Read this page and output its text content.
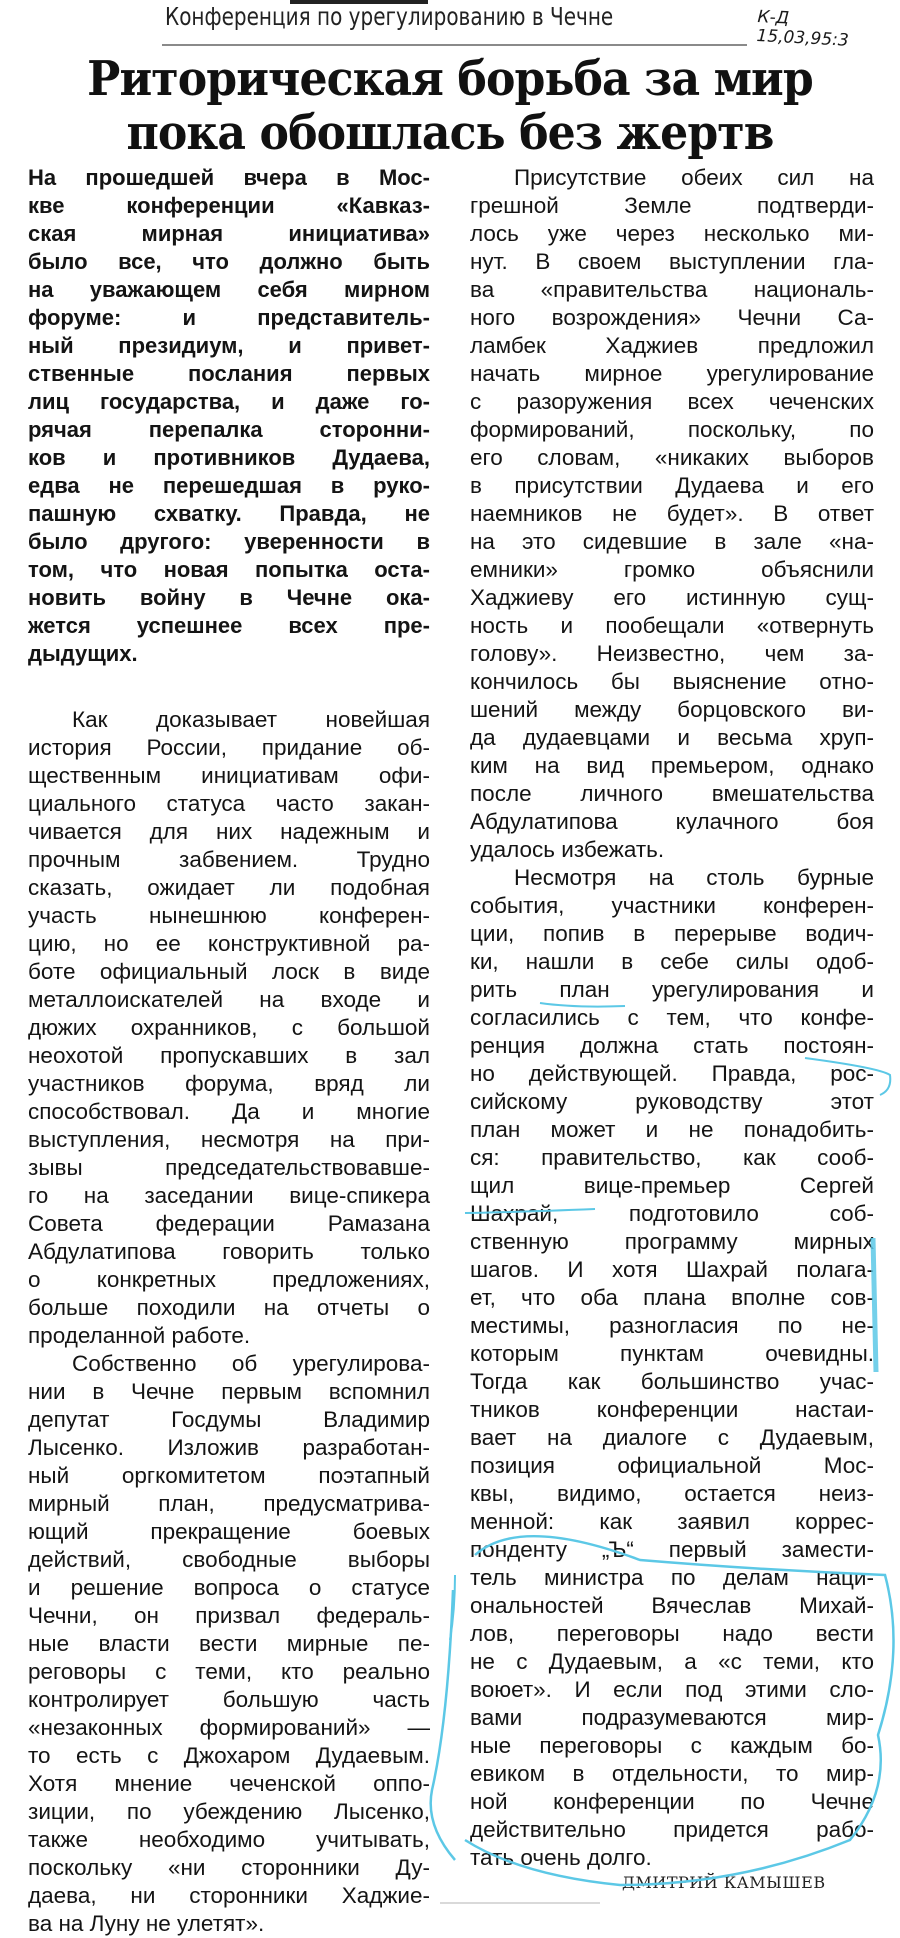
Конференция по урегулированию в Чечне	К-Д
15,03,95:3
Риторическая борьба за мир
пока обошлась без жертв
На прошедшей вчера в Мос-
кве конференции «Кавказ-
ская мирная инициатива»
было все, что должно быть
на уважающем себя мирном
форуме: и представитель-
ный президиум, и привет-
ственные послания первых
лиц государства, и даже го-
рячая перепалка сторонни-
ков и противников Дудаева,
едва не перешедшая в руко-
пашную схватку. Правда, не
было другого: уверенности в
том, что новая попытка оста-
новить войну в Чечне ока-
жется успешнее всех пре-
дыдущих.
Как доказывает новейшая
история России, придание об-
щественным инициативам офи-
циального статуса часто закан-
чивается для них надежным и
прочным забвением. Трудно
сказать, ожидает ли подобная
участь нынешнюю конферен-
цию, но ее конструктивной ра-
боте официальный лоск в виде
металлоискателей на входе и
дюжих охранников, с большой
неохотой пропускавших в зал
участников форума, вряд ли
способствовал. Да и многие
выступления, несмотря на при-
зывы председательствовавше-
го на заседании вице-спикера
Совета федерации Рамазана
Абдулатипова говорить только
о конкретных предложениях,
больше походили на отчеты о
проделанной работе.
Собственно об урегулирова-
нии в Чечне первым вспомнил
депутат Госдумы Владимир
Лысенко. Изложив разработан-
ный оргкомитетом поэтапный
мирный план, предусматрива-
ющий прекращение боевых
действий, свободные выборы
и решение вопроса о статусе
Чечни, он призвал федераль-
ные власти вести мирные пе-
реговоры с теми, кто реально
контролирует большую часть
«незаконных формирований» —
то есть с Джохаром Дудаевым.
Хотя мнение чеченской оппо-
зиции, по убеждению Лысенко,
также необходимо учитывать,
поскольку «ни сторонники Ду-
даева, ни сторонники Хаджие-
ва на Луну не улетят».
Присутствие обеих сил на
грешной Земле подтверди-
лось уже через несколько ми-
нут. В своем выступлении гла-
ва «правительства националь-
ного возрождения» Чечни Са-
ламбек Хаджиев предложил
начать мирное урегулирование
с разоружения всех чеченских
формирований, поскольку, по
его словам, «никаких выборов
в присутствии Дудаева и его
наемников не будет». В ответ
на это сидевшие в зале «на-
емники» громко объяснили
Хаджиеву его истинную сущ-
ность и пообещали «отвернуть
голову». Неизвестно, чем за-
кончилось бы выяснение отно-
шений между борцовского ви-
да дудаевцами и весьма хруп-
ким на вид премьером, однако
после личного вмешательства
Абдулатипова кулачного боя
удалось избежать.
Несмотря на столь бурные
события, участники конферен-
ции, попив в перерыве водич-
ки, нашли в себе силы одоб-
рить план урегулирования и
согласились с тем, что конфе-
ренция должна стать постоян-
но действующей. Правда, рос-
сийскому руководству этот
план может и не понадобить-
ся: правительство, как сооб-
щил вице-премьер Сергей
Шахрай, подготовило соб-
ственную программу мирных
шагов. И хотя Шахрай полага-
ет, что оба плана вполне сов-
местимы, разногласия по не-
которым пунктам очевидны.
Тогда как большинство учас-
тников конференции настаи-
вает на диалоге с Дудаевым,
позиция официальной Мос-
квы, видимо, остается неиз-
менной: как заявил коррес-
понденту „Ъ“ первый замести-
тель министра по делам наци-
ональностей Вячеслав Михай-
лов, переговоры надо вести
не с Дудаевым, а «с теми, кто
воюет». И если под этими сло-
вами подразумеваются мир-
ные переговоры с каждым бо-
евиком в отдельности, то мир-
ной конференции по Чечне
действительно придется рабо-
тать очень долго.
ДМИТРИЙ КАМЫШЕВ
